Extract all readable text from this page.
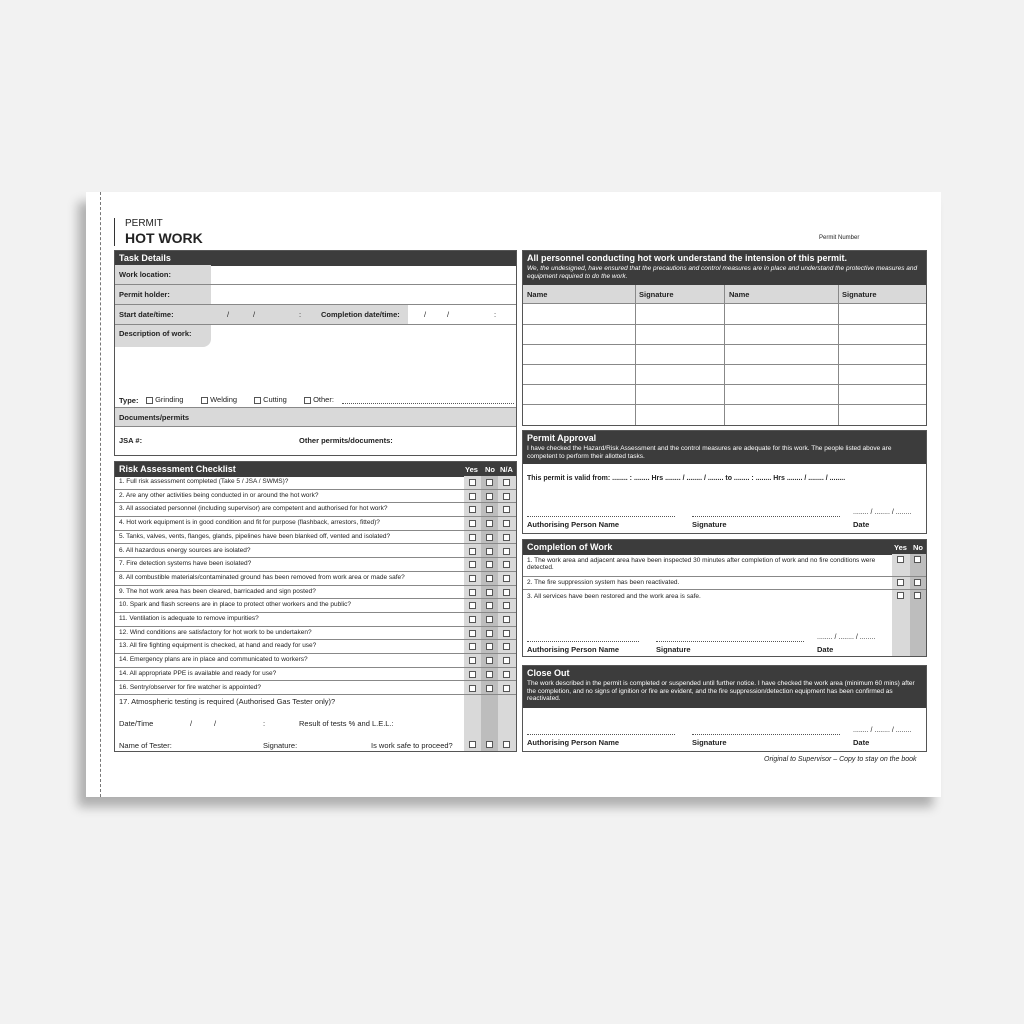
PERMIT
HOT WORK	Permit Number
Task Details
Work location:
Permit holder:
Start date/time:	/	/	:	Completion date/time:	/	/	:
Description of work:
Type:	Grinding	Welding	Cutting	Other:
Documents/permits
JSA #:	Other permits/documents:
Risk Assessment Checklist	Yes No N/A
1. Full risk assessment completed (Take 5 / JSA / SWMS)?
2. Are any other activities being conducted in or around the hot work?
3. All associated personnel (including supervisor) are competent and authorised for hot work?
4. Hot work equipment is in good condition and fit for purpose (flashback, arrestors, fitted)?
5. Tanks, valves, vents, flanges, glands, pipelines have been blanked off, vented and isolated?
6. All hazardous energy sources are isolated?
7. Fire detection systems have been isolated?
8. All combustible materials/contaminated ground has been removed from work area or made safe?
9. The hot work area has been cleared, barricaded and sign posted?
10. Spark and flash screens are in place to protect other workers and the public?
11. Ventilation is adequate to remove impurities?
12. Wind conditions are satisfactory for hot work to be undertaken?
13. All fire fighting equipment is checked, at hand and ready for use?
14. Emergency plans are in place and communicated to workers?
14. All appropriate PPE is available and ready for use?
16. Sentry/observer for fire watcher is appointed?
17. Atmospheric testing is required (Authorised Gas Tester only)?
Date/Time	/	/	:	Result of tests % and L.E.L.:
Name of Tester:	Signature:	Is work safe to proceed?
All personnel conducting hot work understand the intension of this permit.
We, the undesigned, have ensured that the precautions and control measures are in place and understand the protective measures and equipment required to do the work.
Name	Signature	Name	Signature
Permit Approval
I have checked the Hazard/Risk Assessment and the control measures are adequate for this work. The people listed above are competent to perform their allotted tasks.
This permit is valid from: ........ : ........ Hrs ........ / ........ / ........ to ........ : ........ Hrs ........ / ........ / ........
........ / ........ / ........
Authorising Person Name	Signature	Date
Completion of Work	Yes No
1. The work area and adjacent area have been inspected 30 minutes after completion of work and no fire conditions were detected.
2. The fire suppression system has been reactivated.
3. All services have been restored and the work area is safe.
........ / ........ / ........
Authorising Person Name	Signature	Date
Close Out
The work described in the permit is completed or suspended until further notice. I have checked the work area (minimum 60 mins) after the completion, and no signs of ignition or fire are evident, and the fire suppression/detection equipment has been confirmed as reactivated.
........ / ........ / ........
Authorising Person Name	Signature	Date
Original to Supervisor – Copy to stay on the book
